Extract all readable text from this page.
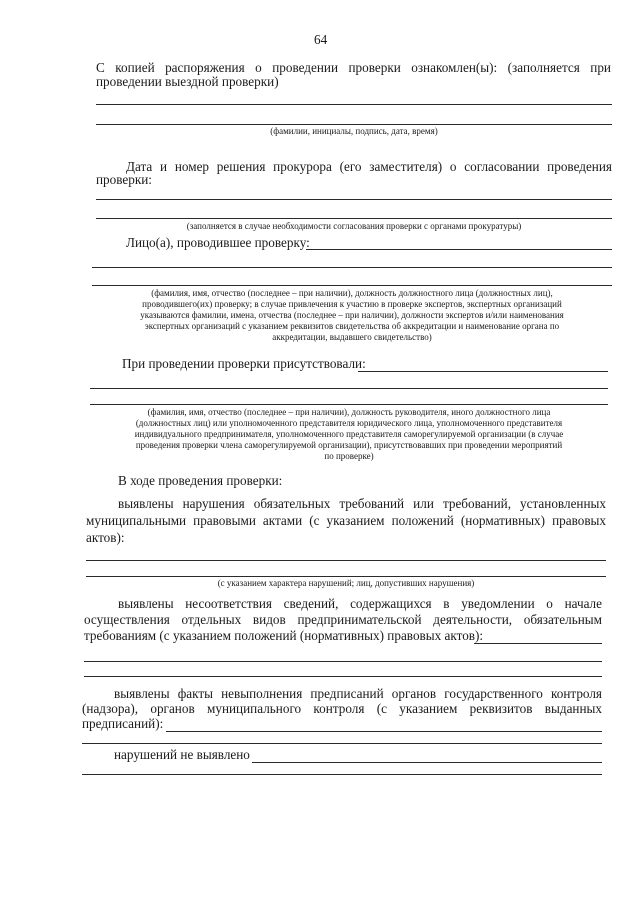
64

С копией распоряжения о проведении проверки ознакомлен(ы): (заполняется при

проведении выездной проверки)

(фамилии, инициалы, подпись, дата, время)

Дата и номер решения прокурора (его заместителя) о согласовании проведения

проверки:

(заполняется в случае необходимости согласования проверки с органами прокуратуры)

Лицо(а), проводившее проверку:

(фамилия, имя, отчество (последнее – при наличии), должность должностного лица (должностных лиц),

проводившего(их) проверку; в случае привлечения к участию в проверке экспертов, экспертных организаций

указываются фамилии, имена, отчества (последнее – при наличии), должности экспертов и/или наименования

экспертных организаций с указанием реквизитов свидетельства об аккредитации и наименование органа по

аккредитации, выдавшего свидетельство)

При проведении проверки присутствовали:

(фамилия, имя, отчество (последнее – при наличии), должность руководителя, иного должностного лица

(должностных лиц) или уполномоченного представителя юридического лица, уполномоченного представителя

индивидуального предпринимателя, уполномоченного представителя саморегулируемой организации (в случае

проведения проверки члена саморегулируемой организации), присутствовавших при проведении мероприятий

по проверке)

В ходе проведения проверки:

выявлены нарушения обязательных требований или требований, установленных

муниципальными правовыми актами (с указанием положений (нормативных) правовых

актов):

(с указанием характера нарушений; лиц, допустивших нарушения)

выявлены несоответствия сведений, содержащихся в уведомлении о начале

осуществления отдельных видов предпринимательской деятельности, обязательным

требованиям (с указанием положений (нормативных) правовых актов):

выявлены факты невыполнения предписаний органов государственного контроля

(надзора), органов муниципального контроля (с указанием реквизитов выданных

предписаний):

нарушений не выявлено
